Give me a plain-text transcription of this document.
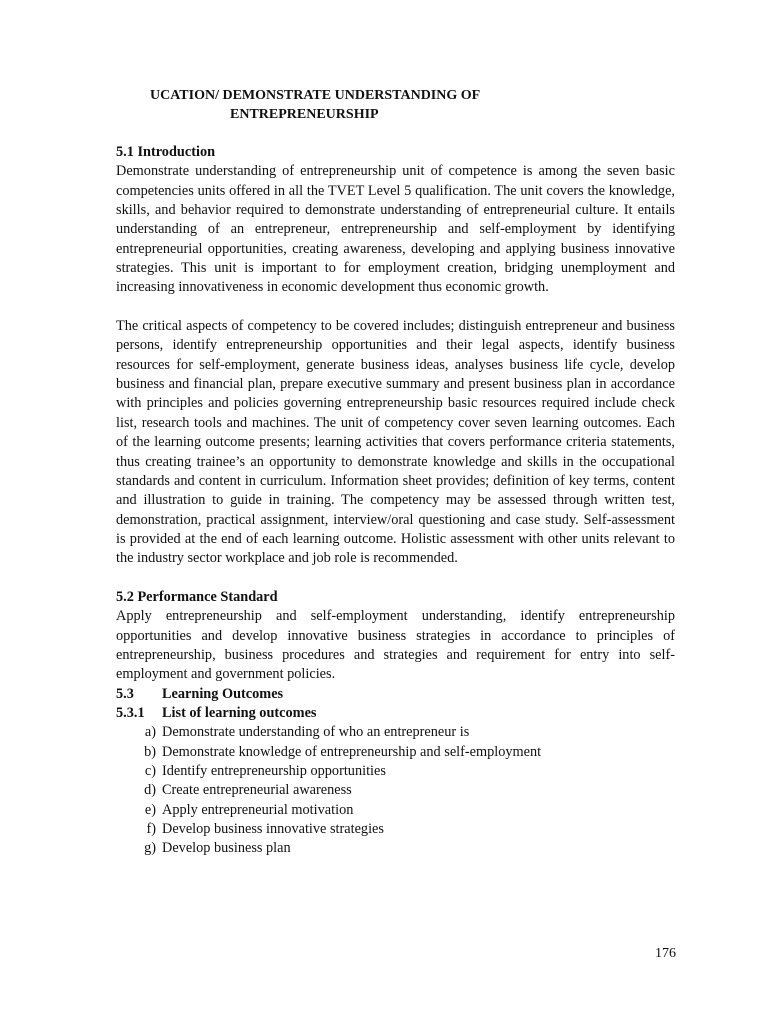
UCATION/ DEMONSTRATE UNDERSTANDING OF
ENTREPRENEURSHIP

5.1 Introduction

Demonstrate understanding of entrepreneurship unit of competence is among the seven basic competencies units offered in all the TVET Level 5 qualification. The unit covers the knowledge, skills, and behavior required to demonstrate understanding of entrepreneurial culture. It entails understanding of an entrepreneur, entrepreneurship and self-employment by identifying entrepreneurial opportunities, creating awareness, developing and applying business innovative strategies. This unit is important to for employment creation, bridging unemployment and increasing innovativeness in economic development thus economic growth.

The critical aspects of competency to be covered includes; distinguish entrepreneur and business persons, identify entrepreneurship opportunities and their legal aspects, identify business resources for self-employment, generate business ideas, analyses business life cycle, develop business and financial plan, prepare executive summary and present business plan in accordance with principles and policies governing entrepreneurship basic resources required include check list, research tools and machines. The unit of competency cover seven learning outcomes. Each of the learning outcome presents; learning activities that covers performance criteria statements, thus creating trainee’s an opportunity to demonstrate knowledge and skills in the occupational standards and content in curriculum. Information sheet provides; definition of key terms, content and illustration to guide in training. The competency may be assessed through written test, demonstration, practical assignment, interview/oral questioning and case study. Self-assessment is provided at the end of each learning outcome. Holistic assessment with other units relevant to the industry sector workplace and job role is recommended.

5.2 Performance Standard

Apply entrepreneurship and self-employment understanding, identify entrepreneurship opportunities and develop innovative business strategies in accordance to principles of entrepreneurship, business procedures and strategies and requirement for entry into self-employment and government policies.

5.3	Learning Outcomes

5.3.1	List of learning outcomes

a) Demonstrate understanding of who an entrepreneur is
b) Demonstrate knowledge of entrepreneurship and self-employment
c) Identify entrepreneurship opportunities
d) Create entrepreneurial awareness
e) Apply entrepreneurial motivation
f) Develop business innovative strategies
g) Develop business plan
176
